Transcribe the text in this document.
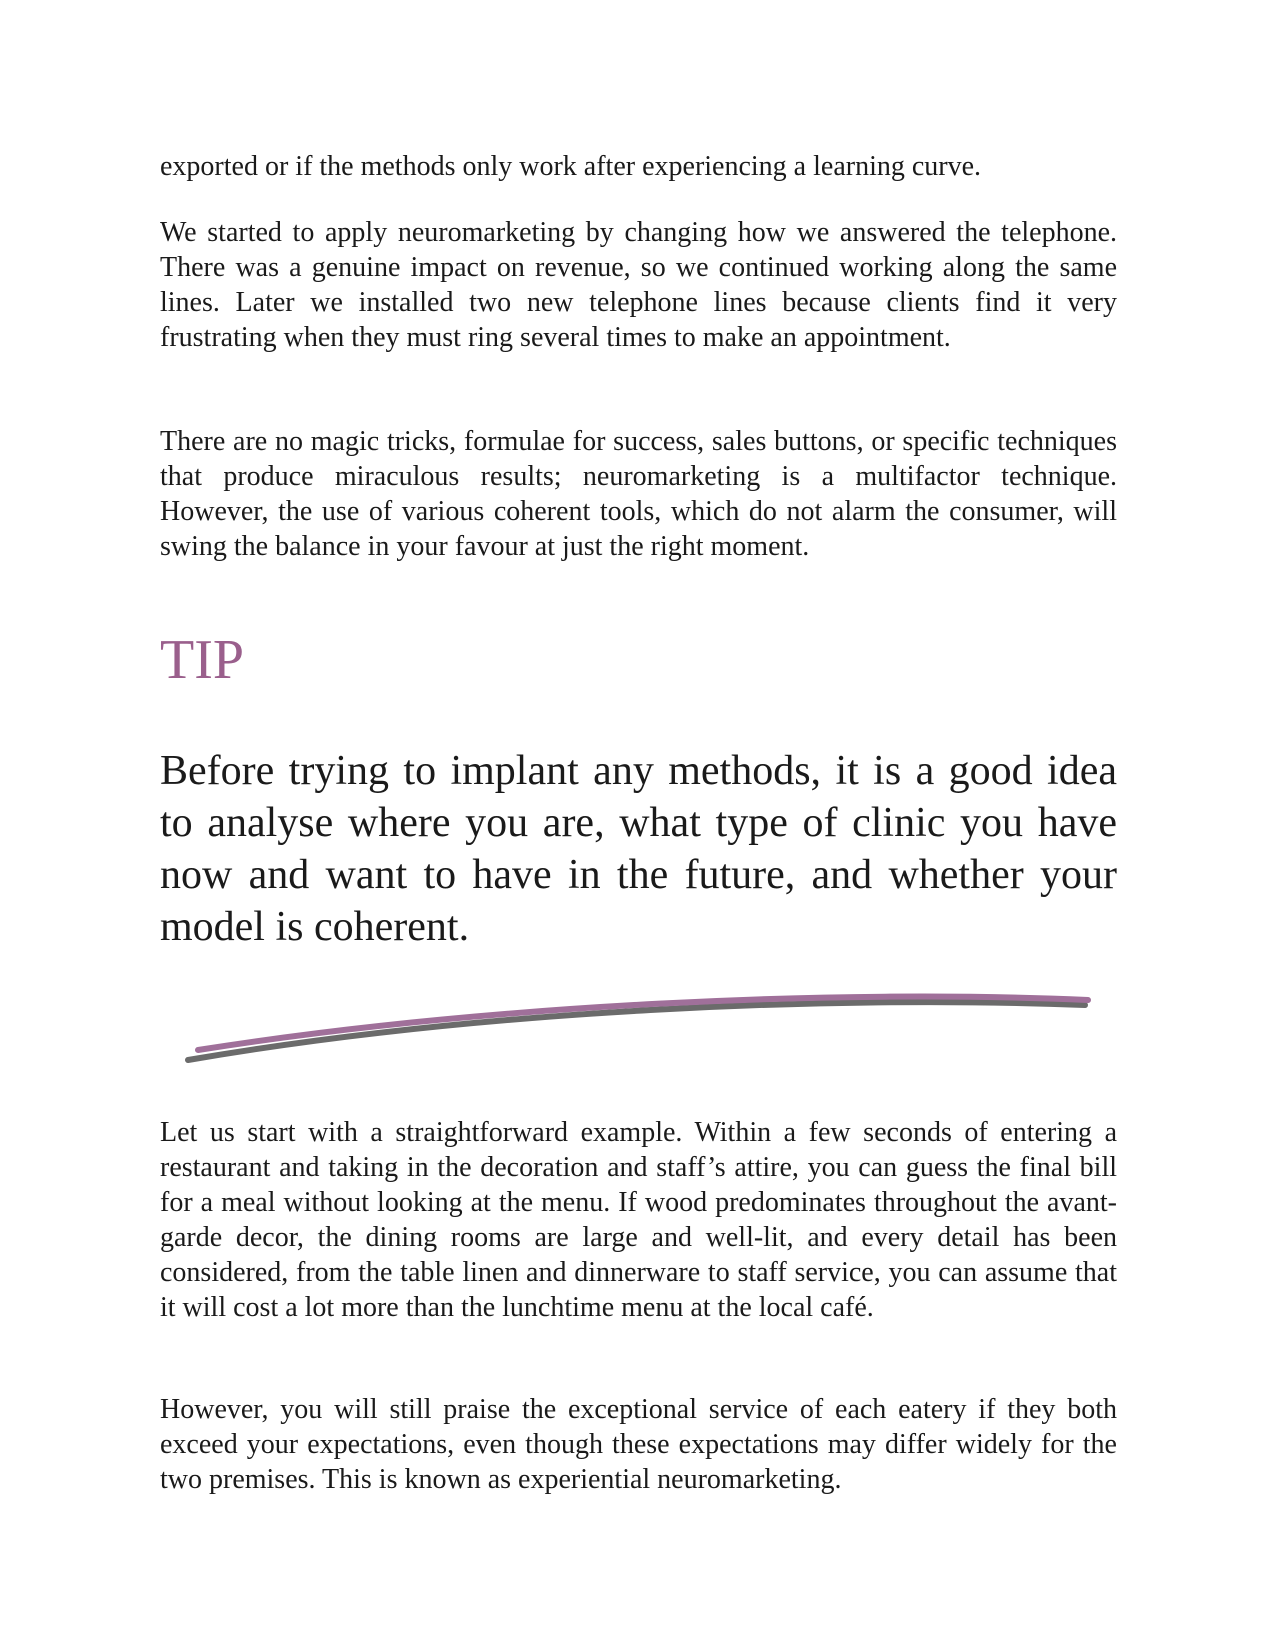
exported or if the methods only work after experiencing a learning curve.

We started to apply neuromarketing by changing how we answered the telephone. There was a genuine impact on revenue, so we continued working along the same lines. Later we installed two new telephone lines because clients find it very frustrating when they must ring several times to make an appointment.

There are no magic tricks, formulae for success, sales buttons, or specific techniques that produce miraculous results; neuromarketing is a multifactor technique. However, the use of various coherent tools, which do not alarm the consumer, will swing the balance in your favour at just the right moment.

TIP

Before trying to implant any methods, it is a good idea to analyse where you are, what type of clinic you have now and want to have in the future, and whether your model is coherent.

Let us start with a straightforward example. Within a few seconds of entering a restaurant and taking in the decoration and staff’s attire, you can guess the final bill for a meal without looking at the menu. If wood predominates throughout the avant-garde decor, the dining rooms are large and well-lit, and every detail has been considered, from the table linen and dinnerware to staff service, you can assume that it will cost a lot more than the lunchtime menu at the local café.

However, you will still praise the exceptional service of each eatery if they both exceed your expectations, even though these expectations may differ widely for the two premises. This is known as experiential neuromarketing.
